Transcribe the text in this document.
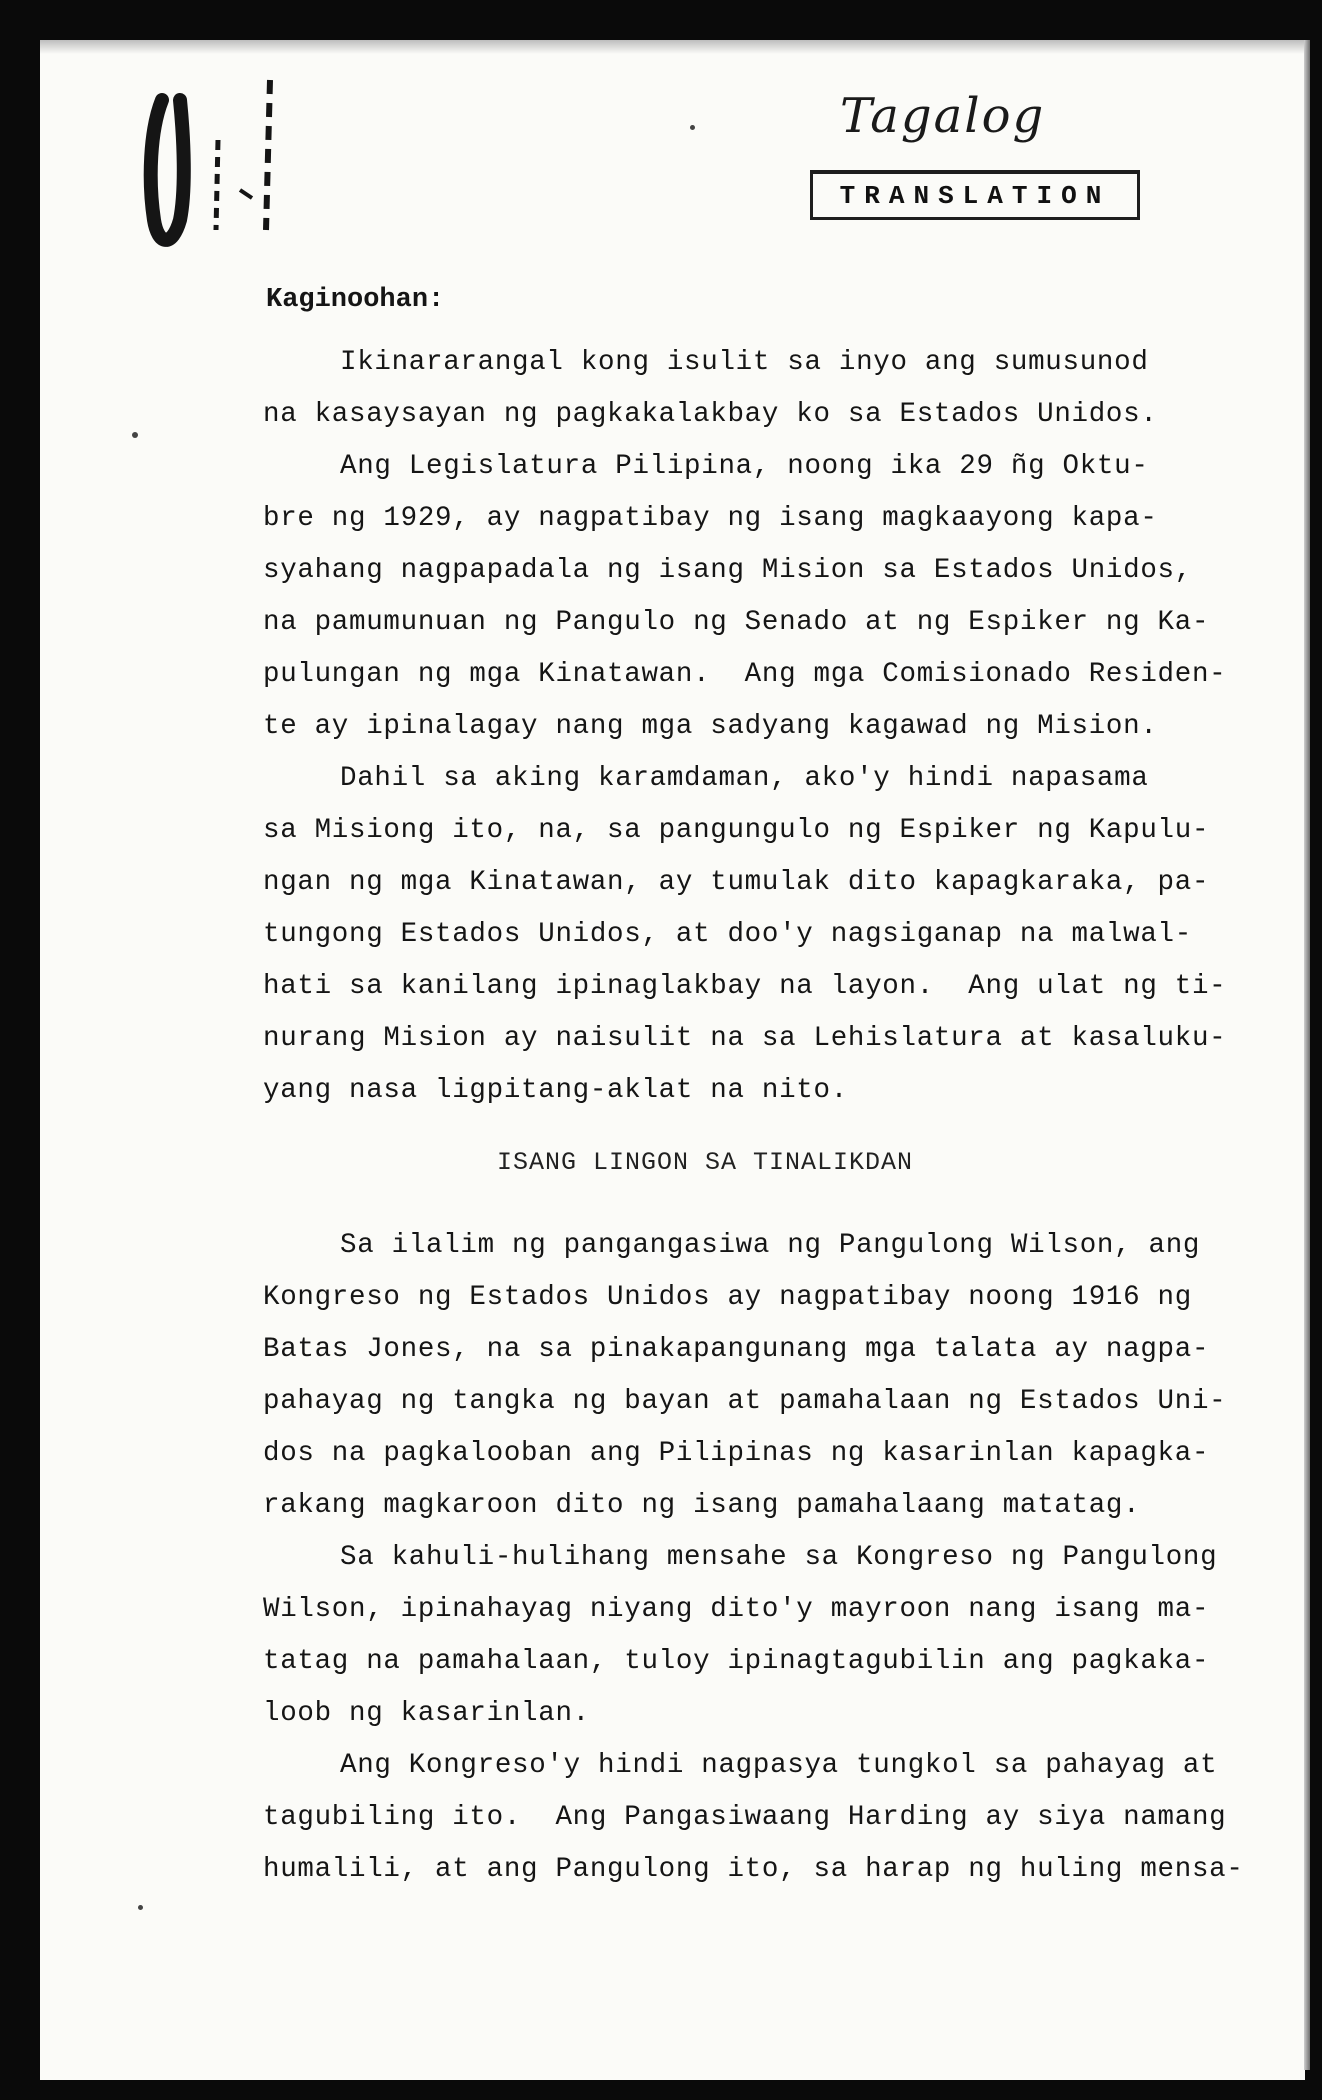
Tagalog

TRANSLATION

Kaginoohan:

Ikinararangal kong isulit sa inyo ang sumusunod
na kasaysayan ng pagkakalakbay ko sa Estados Unidos.

Ang Legislatura Pilipina, noong ika 29 ñg Oktu-
bre ng 1929, ay nagpatibay ng isang magkaayong kapa-
syahang nagpapadala ng isang Mision sa Estados Unidos,
na pamumunuan ng Pangulo ng Senado at ng Espiker ng Ka-
pulungan ng mga Kinatawan.  Ang mga Comisionado Residen-
te ay ipinalagay nang mga sadyang kagawad ng Mision.

Dahil sa aking karamdaman, ako'y hindi napasama
sa Misiong ito, na, sa pangungulo ng Espiker ng Kapulu-
ngan ng mga Kinatawan, ay tumulak dito kapagkaraka, pa-
tungong Estados Unidos, at doo'y nagsiganap na malwal-
hati sa kanilang ipinaglakbay na layon.  Ang ulat ng ti-
nurang Mision ay naisulit na sa Lehislatura at kasaluku-
yang nasa ligpitang-aklat na nito.

ISANG LINGON SA TINALIKDAN

Sa ilalim ng pangangasiwa ng Pangulong Wilson, ang
Kongreso ng Estados Unidos ay nagpatibay noong 1916 ng
Batas Jones, na sa pinakapangunang mga talata ay nagpa-
pahayag ng tangka ng bayan at pamahalaan ng Estados Uni-
dos na pagkalooban ang Pilipinas ng kasarinlan kapagka-
rakang magkaroon dito ng isang pamahalaang matatag.

Sa kahuli-hulihang mensahe sa Kongreso ng Pangulong
Wilson, ipinahayag niyang dito'y mayroon nang isang ma-
tatag na pamahalaan, tuloy ipinagtagubilin ang pagkaka-
loob ng kasarinlan.

Ang Kongreso'y hindi nagpasya tungkol sa pahayag at
tagubiling ito.  Ang Pangasiwaang Harding ay siya namang
humalili, at ang Pangulong ito, sa harap ng huling mensa-
